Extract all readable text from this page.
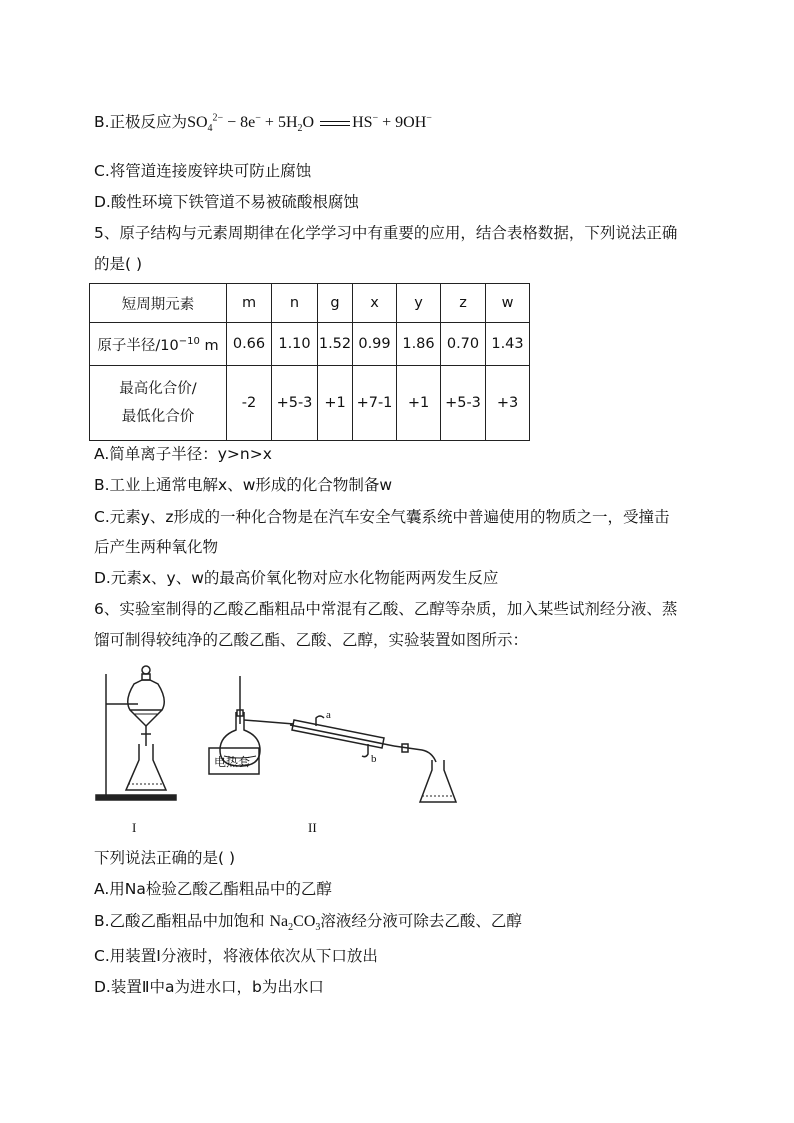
B.正极反应为$SO_4^{2-} - 8e^- + 5H_2O$ HS− + 9OH−
C.将管道连接废锌块可防止腐蚀
D.酸性环境下铁管道不易被硫酸根腐蚀
5、原子结构与元素周期律在化学学习中有重要的应用，结合表格数据，下列说法正确
的是( )
短周期元素	m	n	g	x	y	z	w
原子半径$/10^{-10}$ m	0.66	1.10	1.52	0.99	1.86	0.70	1.43
最高化合价/
最低化合价	-2	+5-3	+1	+7-1	+1	+5-3	+3
A.简单离子半径：y>n>x
B.工业上通常电解x、w形成的化合物制备w
C.元素y、z形成的一种化合物是在汽车安全气囊系统中普遍使用的物质之一，受撞击
后产生两种氧化物
D.元素x、y、w的最高价氧化物对应水化物能两两发生反应
6、实验室制得的乙酸乙酯粗品中常混有乙酸、乙醇等杂质，加入某些试剂经分液、蒸
馏可制得较纯净的乙酸乙酯、乙酸、乙醇，实验装置如图所示：
电热套
a
b
I	II
下列说法正确的是( )
A.用Na检验乙酸乙酯粗品中的乙醇
B.乙酸乙酯粗品中加饱和 $Na_2CO_3$溶液经分液可除去乙酸、乙醇
C.用装置Ⅰ分液时，将液体依次从下口放出
D.装置Ⅱ中a为进水口，b为出水口
